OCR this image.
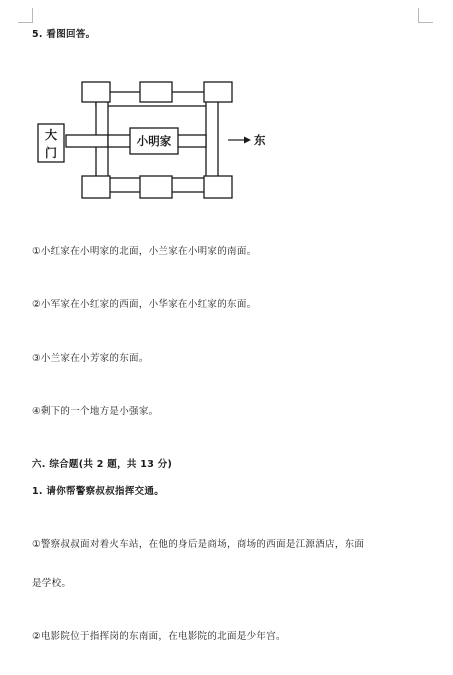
5. 看图回答。
小明家
大
门
东
①小红家在小明家的北面，小兰家在小明家的南面。
②小军家在小红家的西面，小华家在小红家的东面。
③小兰家在小芳家的东面。
④剩下的一个地方是小强家。
六. 综合题(共 2 题，共 13 分)
1. 请你帮警察叔叔指挥交通。
①警察叔叔面对着火车站，在他的身后是商场，商场的西面是江源酒店，东面
是学校。
②电影院位于指挥岗的东南面，在电影院的北面是少年宫。
